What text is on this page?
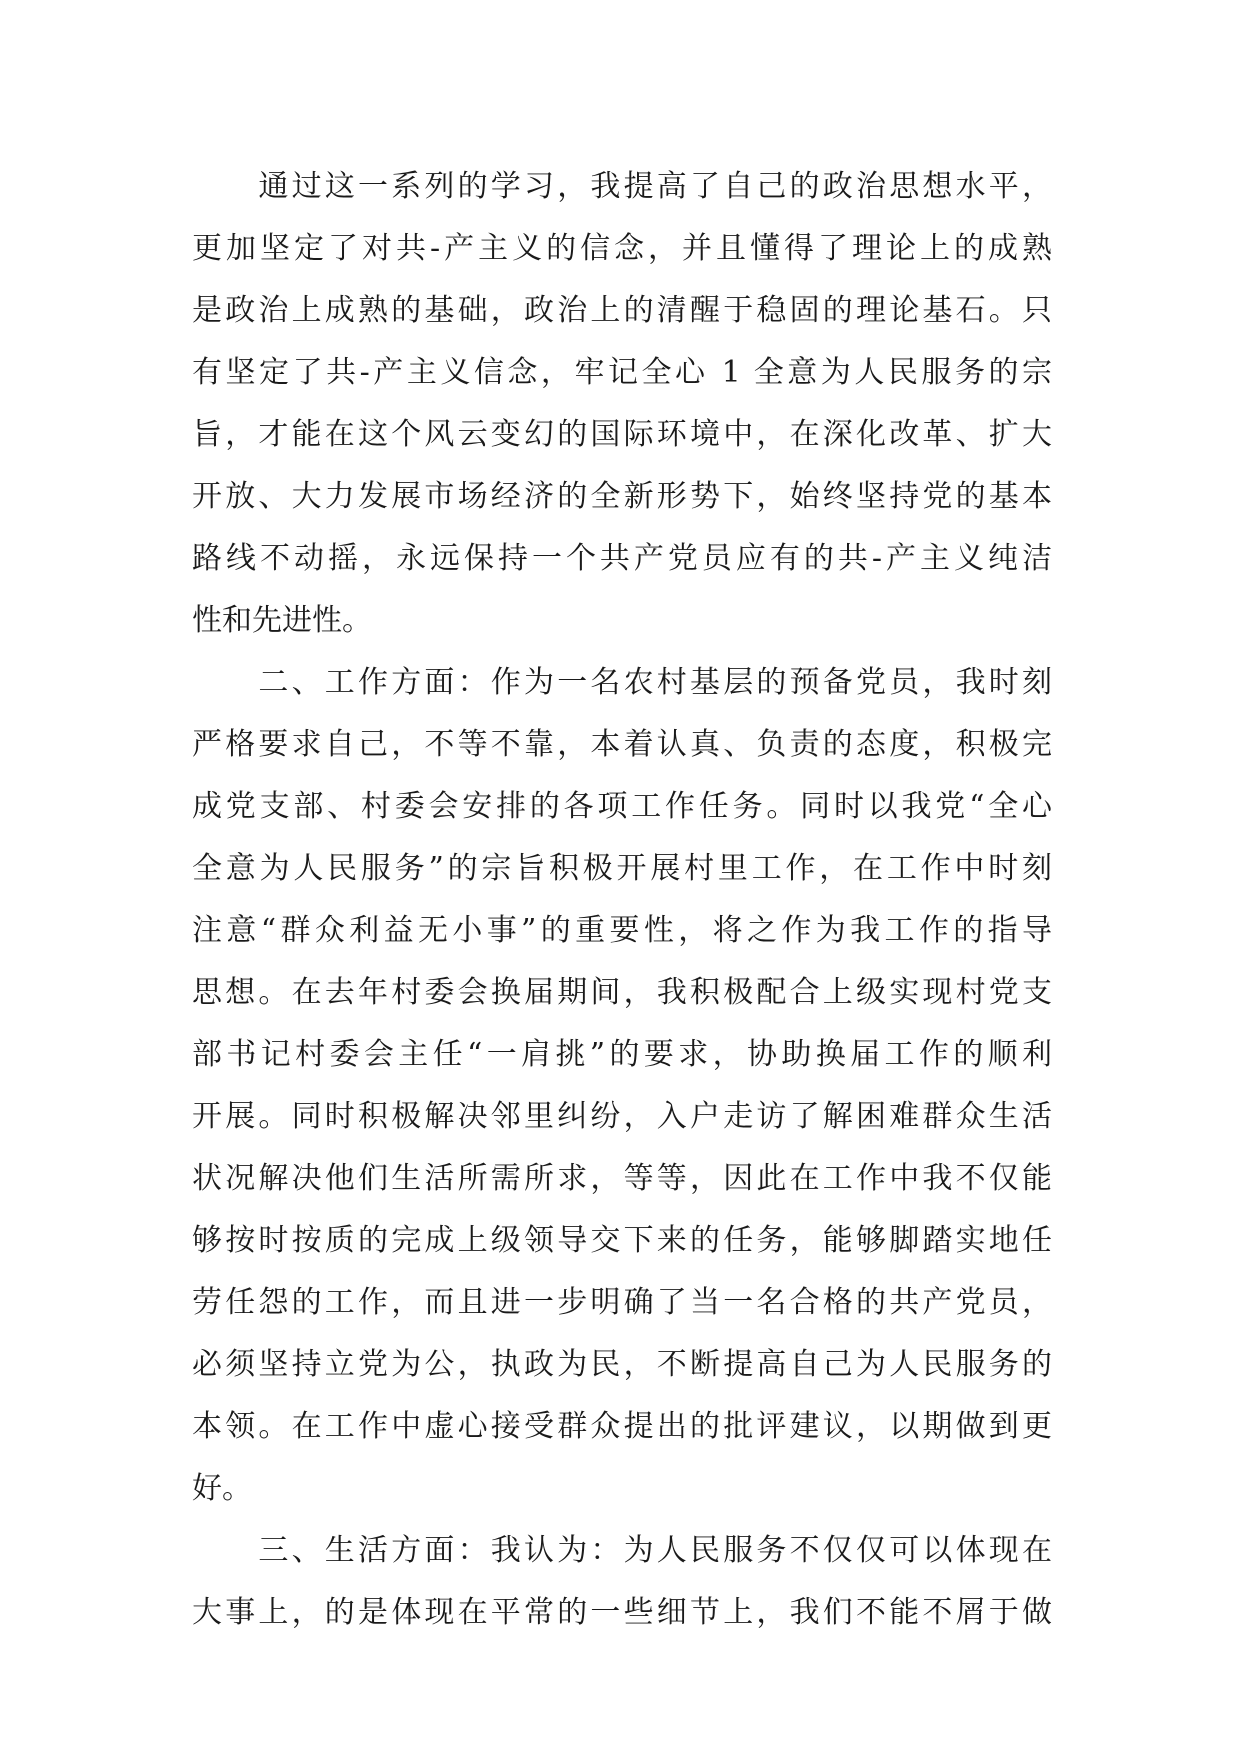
　　通过这一系列的学习，我提高了自己的政治思想水平，
更加坚定了对共-产主义的信念，并且懂得了理论上的成熟
是政治上成熟的基础，政治上的清醒于稳固的理论基石。只
有坚定了共-产主义信念，牢记全心 1 全意为人民服务的宗
旨，才能在这个风云变幻的国际环境中，在深化改革、扩大
开放、大力发展市场经济的全新形势下，始终坚持党的基本
路线不动摇，永远保持一个共产党员应有的共-产主义纯洁
性和先进性。
　　二、工作方面：作为一名农村基层的预备党员，我时刻
严格要求自己，不等不靠，本着认真、负责的态度，积极完
成党支部、村委会安排的各项工作任务。同时以我党“全心
全意为人民服务”的宗旨积极开展村里工作，在工作中时刻
注意“群众利益无小事”的重要性，将之作为我工作的指导
思想。在去年村委会换届期间，我积极配合上级实现村党支
部书记村委会主任“一肩挑”的要求，协助换届工作的顺利
开展。同时积极解决邻里纠纷，入户走访了解困难群众生活
状况解决他们生活所需所求，等等，因此在工作中我不仅能
够按时按质的完成上级领导交下来的任务，能够脚踏实地任
劳任怨的工作，而且进一步明确了当一名合格的共产党员，
必须坚持立党为公，执政为民，不断提高自己为人民服务的
本领。在工作中虚心接受群众提出的批评建议，以期做到更
好。
　　三、生活方面：我认为：为人民服务不仅仅可以体现在
大事上，的是体现在平常的一些细节上，我们不能不屑于做
